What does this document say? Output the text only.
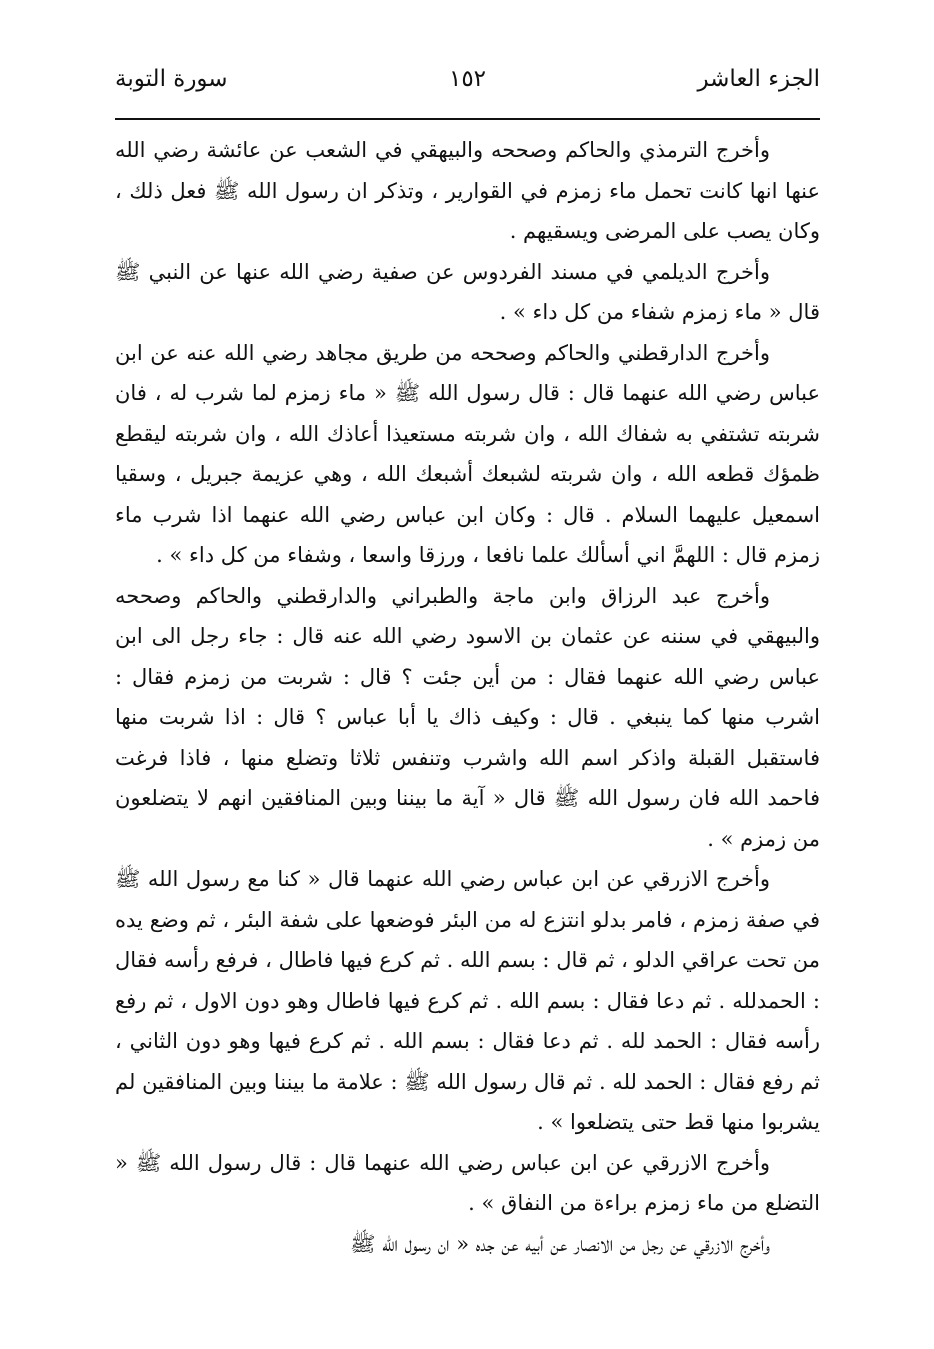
الجزء العاشر
١٥٢
سورة التوبة

وأخرج الترمذي والحاكم وصححه والبيهقي في الشعب عن عائشة رضي الله عنها انها كانت تحمل ماء زمزم في القوارير ، وتذكر ان رسول الله ﷺ فعل ذلك ، وكان يصب على المرضى ويسقيهم .

وأخرج الديلمي في مسند الفردوس عن صفية رضي الله عنها عن النبي ﷺ قال « ماء زمزم شفاء من كل داء » .

وأخرج الدارقطني والحاكم وصححه من طريق مجاهد رضي الله عنه عن ابن عباس رضي الله عنهما قال : قال رسول الله ﷺ « ماء زمزم لما شرب له ، فان شربته تشتفي به شفاك الله ، وان شربته مستعيذا أعاذك الله ، وان شربته ليقطع ظمؤك قطعه الله ، وان شربته لشبعك أشبعك الله ، وهي عزيمة جبريل ، وسقيا اسمعيل عليهما السلام . قال : وكان ابن عباس رضي الله عنهما اذا شرب ماء زمزم قال : اللهمَّ اني أسألك علما نافعا ، ورزقا واسعا ، وشفاء من كل داء » .

وأخرج عبد الرزاق وابن ماجة والطبراني والدارقطني والحاكم وصححه والبيهقي في سننه عن عثمان بن الاسود رضي الله عنه قال : جاء رجل الى ابن عباس رضي الله عنهما فقال : من أين جئت ؟ قال : شربت من زمزم فقال : اشرب منها كما ينبغي . قال : وكيف ذاك يا أبا عباس ؟ قال : اذا شربت منها فاستقبل القبلة واذكر اسم الله واشرب وتنفس ثلاثا وتضلع منها ، فاذا فرغت فاحمد الله فان رسول الله ﷺ قال « آية ما بيننا وبين المنافقين انهم لا يتضلعون من زمزم » .

وأخرج الازرقي عن ابن عباس رضي الله عنهما قال « كنا مع رسول الله ﷺ في صفة زمزم ، فامر بدلو انتزع له من البئر فوضعها على شفة البئر ، ثم وضع يده من تحت عراقي الدلو ، ثم قال : بسم الله . ثم كرع فيها فاطال ، فرفع رأسه فقال : الحمدلله . ثم دعا فقال : بسم الله . ثم كرع فيها فاطال وهو دون الاول ، ثم رفع رأسه فقال : الحمد لله . ثم دعا فقال : بسم الله . ثم كرع فيها وهو دون الثاني ، ثم رفع فقال : الحمد لله . ثم قال رسول الله ﷺ : علامة ما بيننا وبين المنافقين لم يشربوا منها قط حتى يتضلعوا » .

وأخرج الازرقي عن ابن عباس رضي الله عنهما قال : قال رسول الله ﷺ « التضلع من ماء زمزم براءة من النفاق » .

وأخرج الازرقي عن رجل من الانصار عن أبيه عن جده « ان رسول الله ﷺ
